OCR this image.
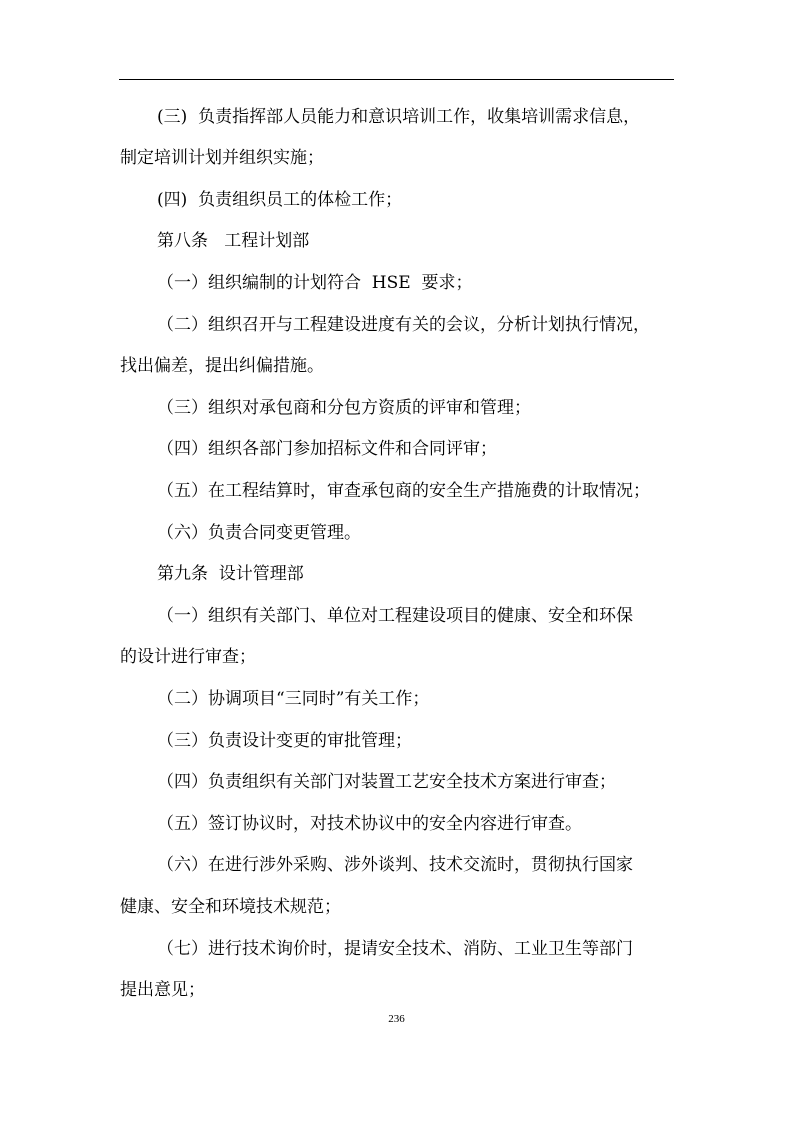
(三)  负责指挥部人员能力和意识培训工作，收集培训需求信息，
制定培训计划并组织实施；
(四)  负责组织员工的体检工作；
第八条   工程计划部
（一）组织编制的计划符合  HSE  要求；
（二）组织召开与工程建设进度有关的会议，分析计划执行情况，
找出偏差，提出纠偏措施。
（三）组织对承包商和分包方资质的评审和管理；
（四）组织各部门参加招标文件和合同评审；
（五）在工程结算时，审查承包商的安全生产措施费的计取情况；
（六）负责合同变更管理。
第九条  设计管理部
（一）组织有关部门、单位对工程建设项目的健康、安全和环保
的设计进行审查；
（二）协调项目“三同时”有关工作；
（三）负责设计变更的审批管理；
（四）负责组织有关部门对装置工艺安全技术方案进行审查；
（五）签订协议时，对技术协议中的安全内容进行审查。
（六）在进行涉外采购、涉外谈判、技术交流时，贯彻执行国家
健康、安全和环境技术规范；
（七）进行技术询价时，提请安全技术、消防、工业卫生等部门
提出意见；
236
